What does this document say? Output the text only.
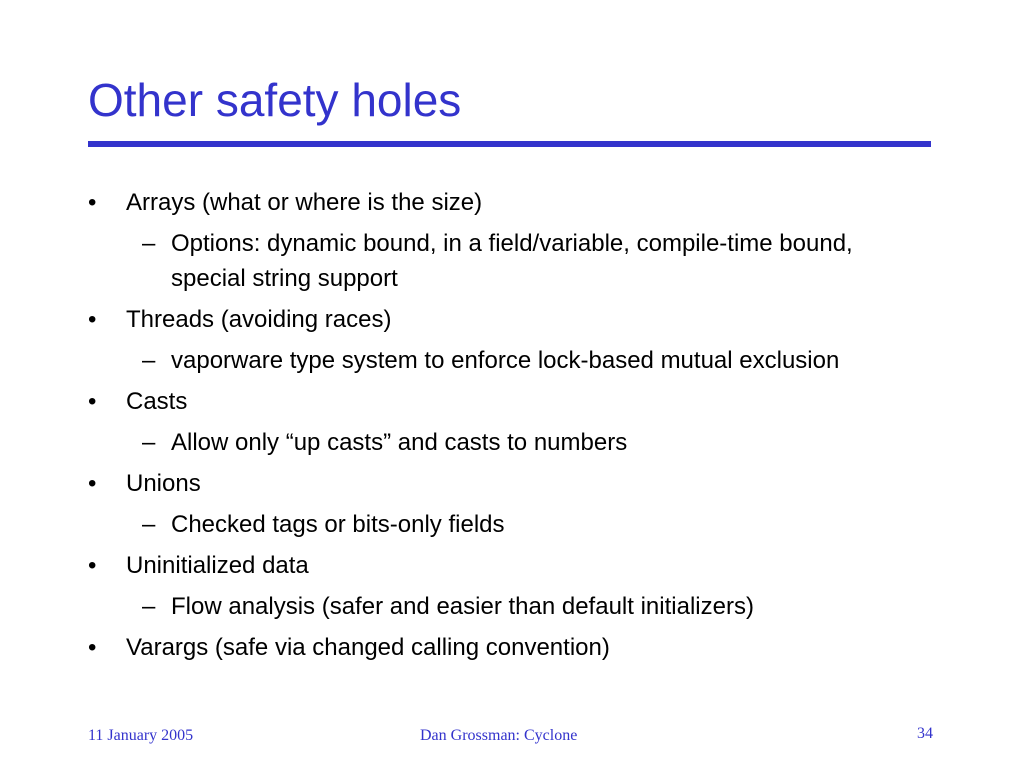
Other safety holes
• Arrays (what or where is the size)
– Options: dynamic bound, in a field/variable, compile-time bound, special string support
• Threads (avoiding races)
– vaporware type system to enforce lock-based mutual exclusion
• Casts
– Allow only “up casts” and casts to numbers
• Unions
– Checked tags or bits-only fields
• Uninitialized data
– Flow analysis (safer and easier than default initializers)
• Varargs (safe via changed calling convention)
11 January 2005	Dan Grossman: Cyclone	34
